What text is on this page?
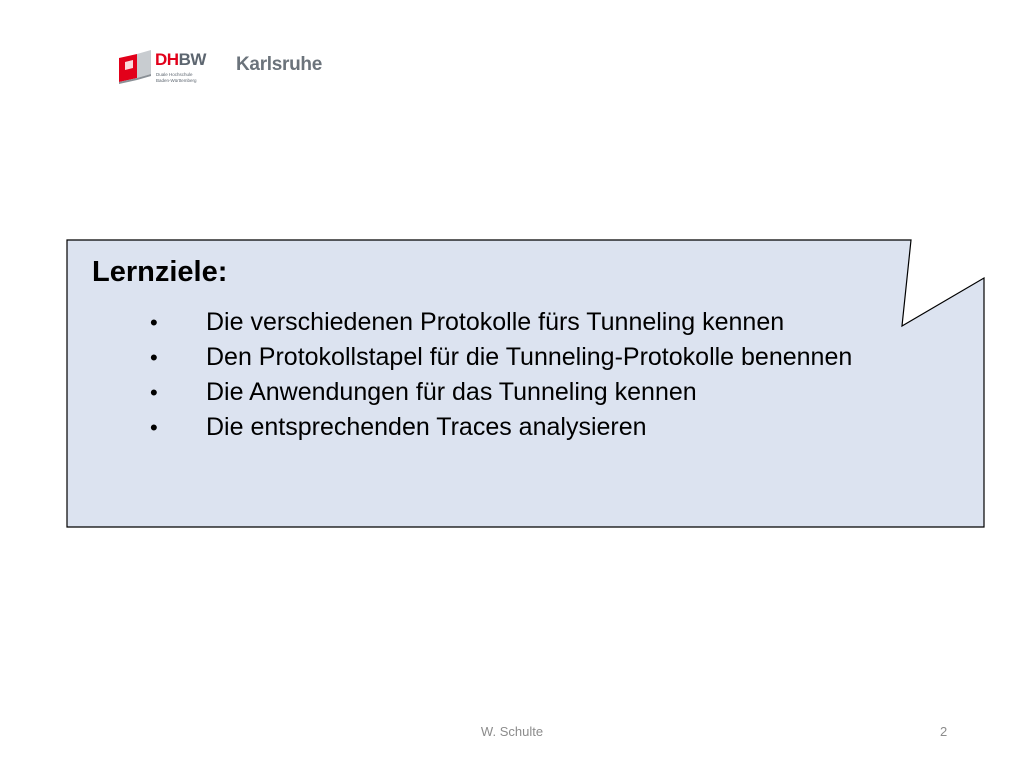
DHBW
Duale Hochschule
Baden-Württemberg
Karlsruhe
Lernziele:
• Die verschiedenen Protokolle fürs Tunneling kennen
• Den Protokollstapel für die Tunneling-Protokolle benennen
• Die Anwendungen für das Tunneling kennen
• Die entsprechenden Traces analysieren
W. Schulte	2
